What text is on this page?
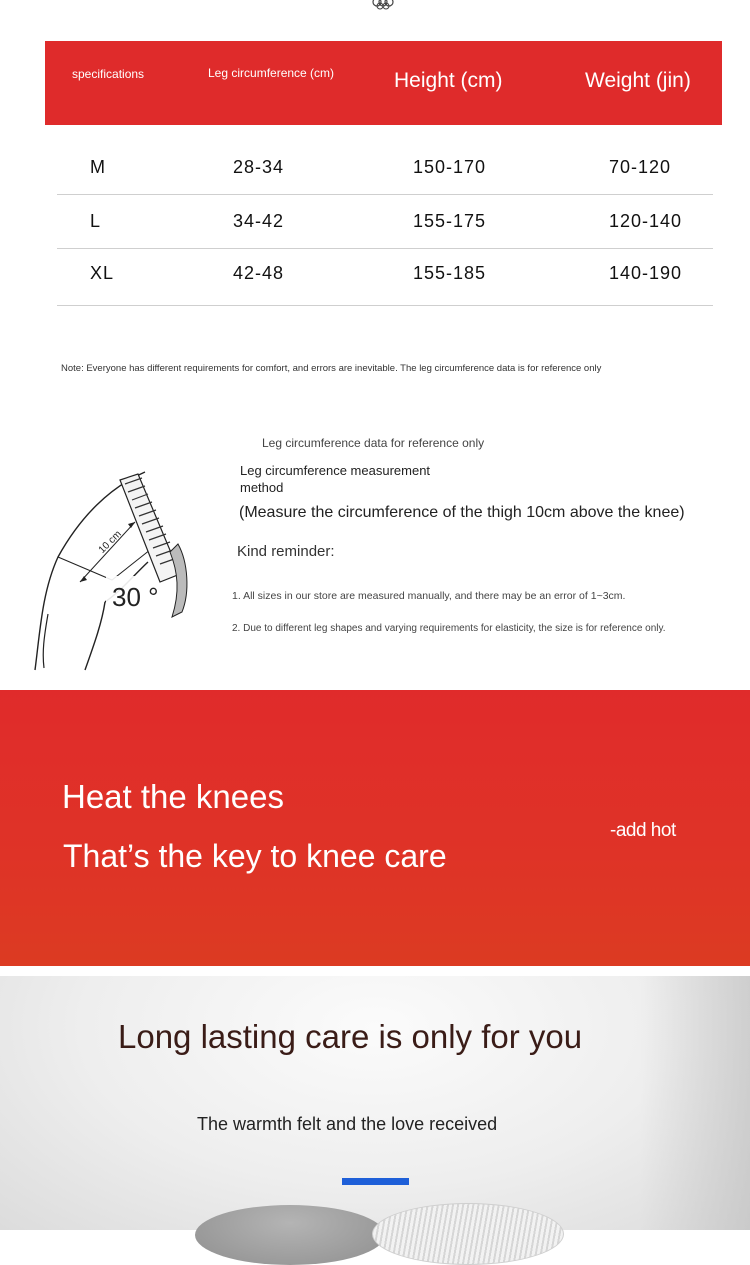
specifications	Leg circumference (cm)	Height (cm)	Weight (jin)
M	28-34	150-170	70-120
L	34-42	155-175	120-140
XL	42-48	155-185	140-190
Note: Everyone has different requirements for comfort, and errors are inevitable. The leg circumference data is for reference only
Leg circumference data for reference only
Leg circumference measurement method
(Measure the circumference of the thigh 10cm above the knee)
Kind reminder:
1. All sizes in our store are measured manually, and there may be an error of 1~3cm.
2. Due to different leg shapes and varying requirements for elasticity, the size is for reference only.
10 cm
30 °
Heat the knees
That’s the key to knee care
-add hot
Long lasting care is only for you
The warmth felt and the love received
